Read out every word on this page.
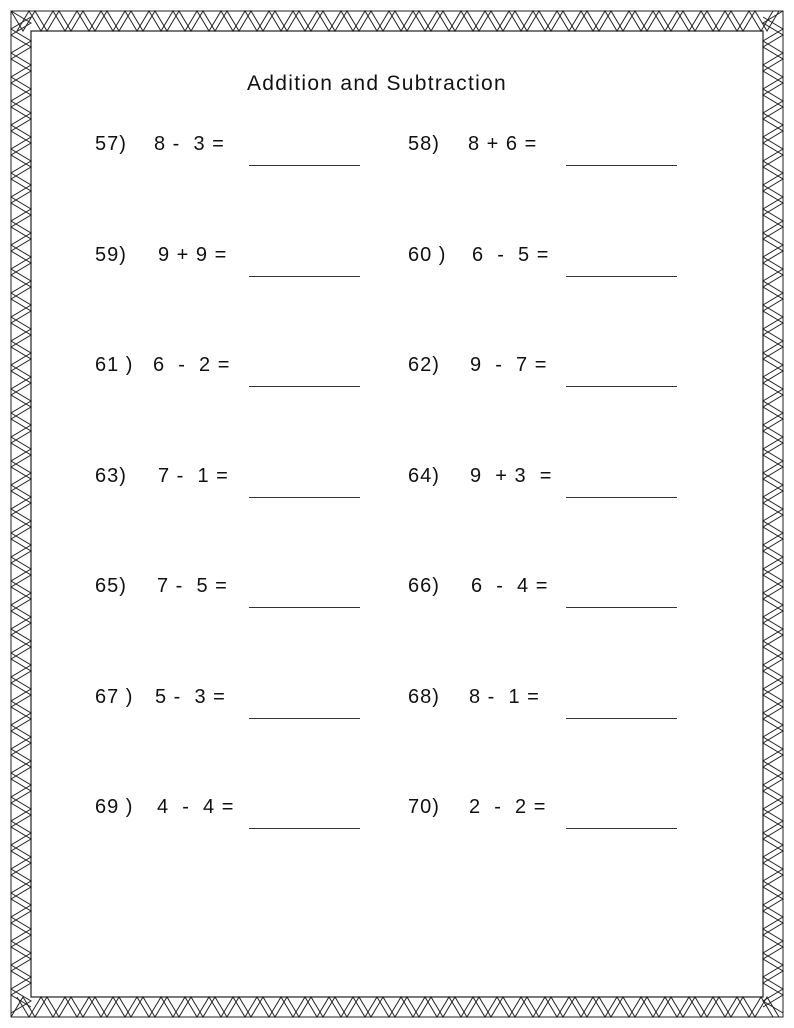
Addition and Subtraction
57) 8 -  3 =	58) 8 + 6 =
59) 9 + 9 =	60 ) 6  -  5 =
61 ) 6  -  2 =	62) 9  -  7 =
63) 7 -  1 =	64) 9  + 3  =
65) 7 -  5 =	66) 6  -  4 =
67 ) 5 -  3 =	68) 8 -  1 =
69 ) 4  -  4 =	70) 2  -  2 =
